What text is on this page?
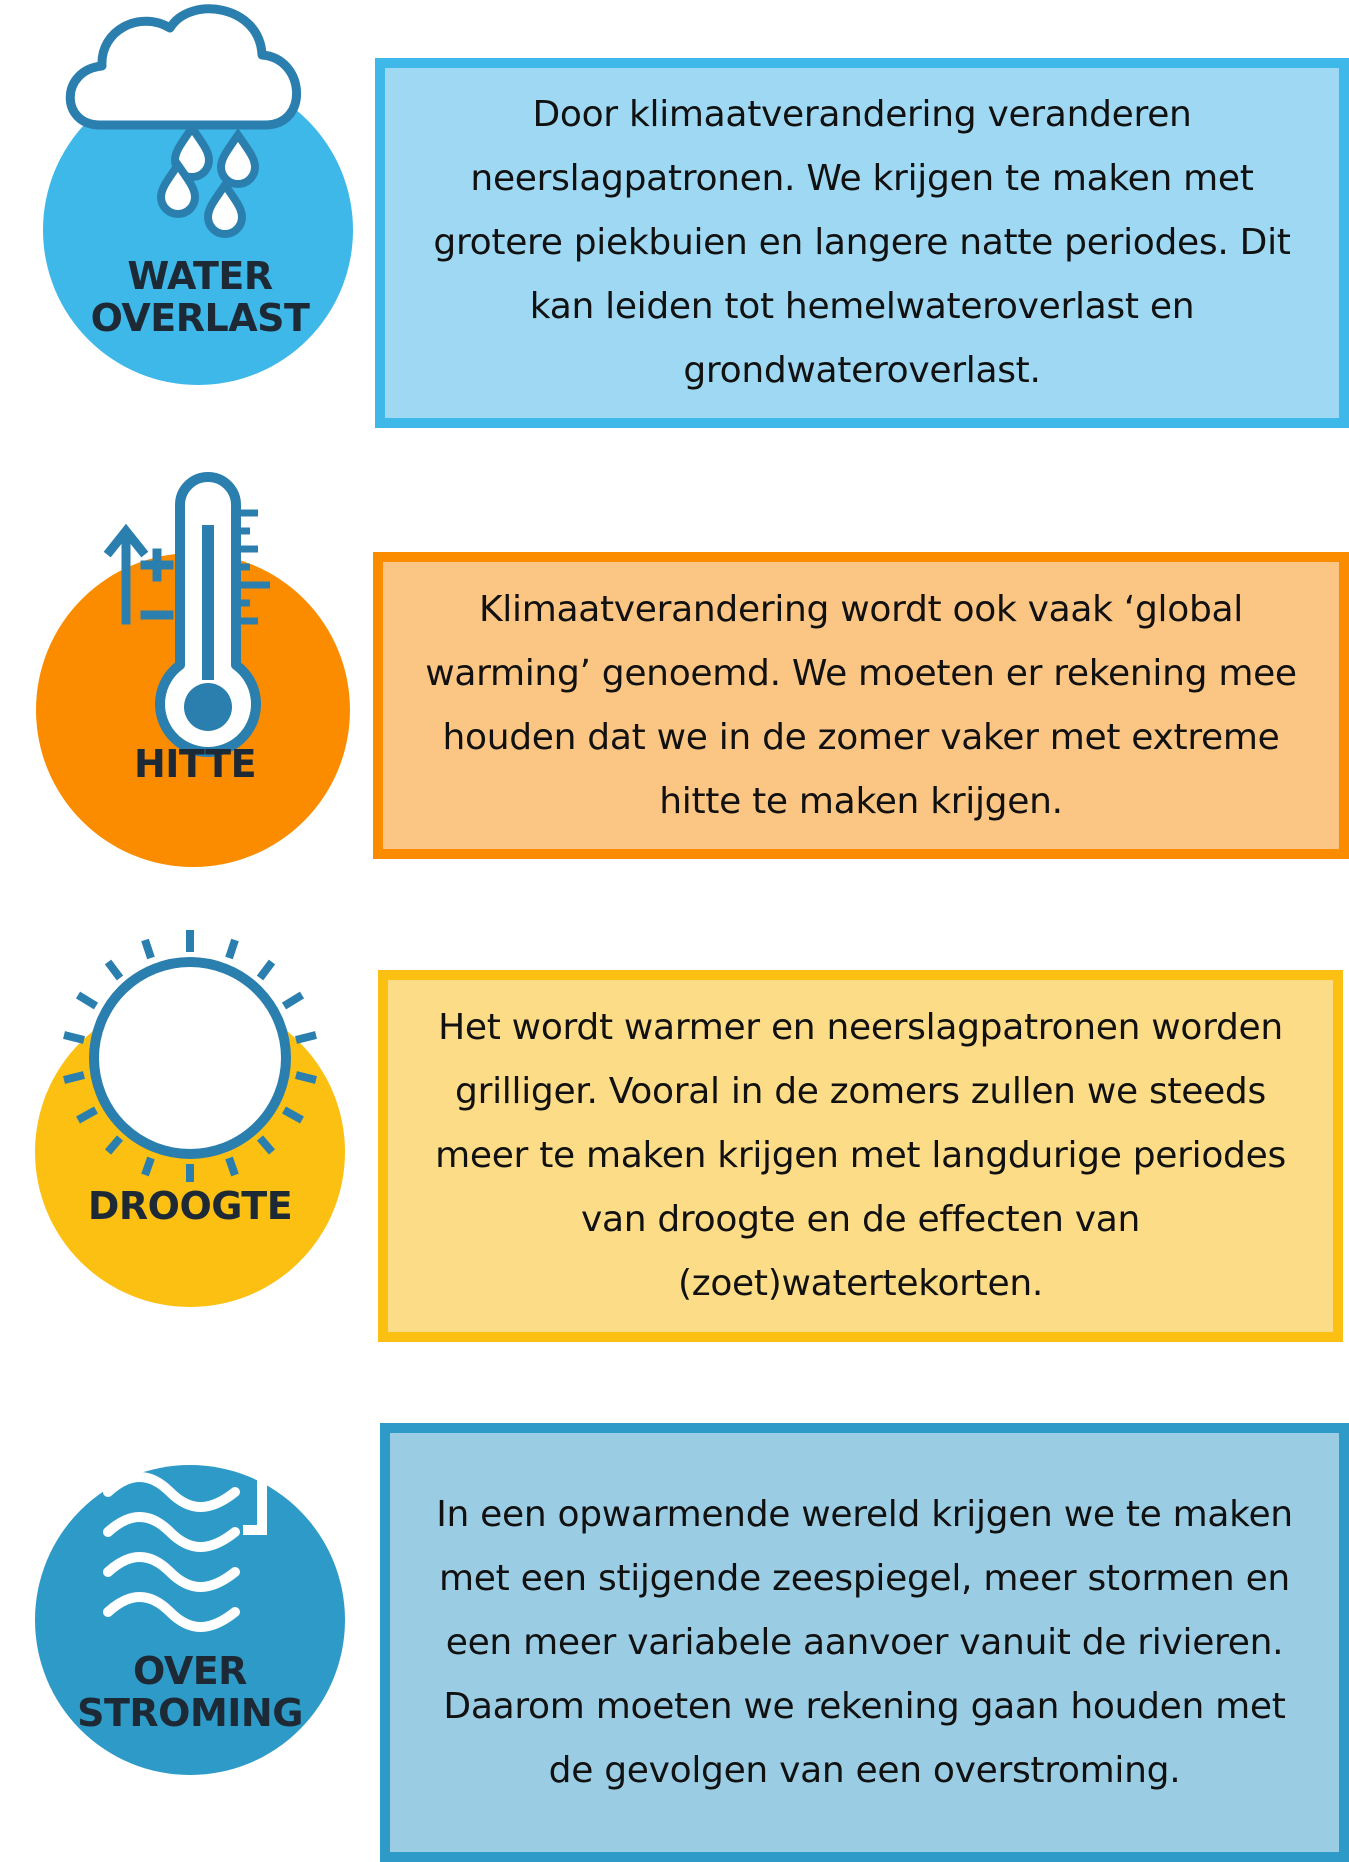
WATER
OVERLAST

Door klimaatverandering veranderen neerslagpatronen. We krijgen te maken met grotere piekbuien en langere natte periodes. Dit kan leiden tot hemelwateroverlast en grondwateroverlast.

HITTE

Klimaatverandering wordt ook vaak ‘global warming’ genoemd. We moeten er rekening mee houden dat we in de zomer vaker met extreme hitte te maken krijgen.

DROOGTE

Het wordt warmer en neerslagpatronen worden grilliger. Vooral in de zomers zullen we steeds meer te maken krijgen met langdurige periodes van droogte en de effecten van (zoet)watertekorten.

OVER
STROMING

In een opwarmende wereld krijgen we te maken met een stijgende zeespiegel, meer stormen en een meer variabele aanvoer vanuit de rivieren. Daarom moeten we rekening gaan houden met de gevolgen van een overstroming.
